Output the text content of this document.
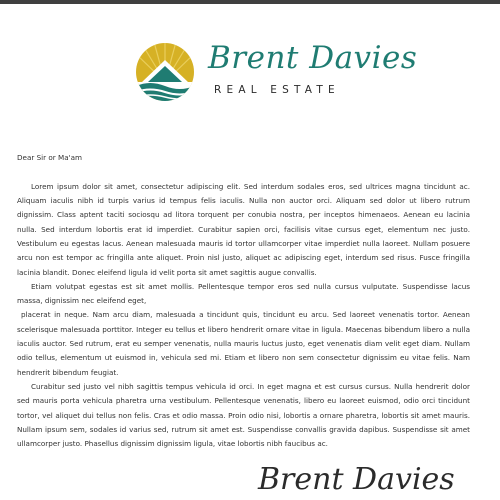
Brent Davies
REAL ESTATE

Dear Sir or Ma'am

Lorem ipsum dolor sit amet, consectetur adipiscing elit. Sed interdum sodales eros, sed ultrices magna tincidunt ac. Aliquam iaculis nibh id turpis varius id tempus felis iaculis. Nulla non auctor orci. Aliquam sed dolor ut libero rutrum dignissim. Class aptent taciti sociosqu ad litora torquent per conubia nostra, per inceptos himenaeos. Aenean eu lacinia nulla. Sed interdum lobortis erat id imperdiet. Curabitur sapien orci, facilisis vitae cursus eget, elementum nec justo. Vestibulum eu egestas lacus. Aenean malesuada mauris id tortor ullamcorper vitae imperdiet nulla laoreet. Nullam posuere arcu non est tempor ac fringilla ante aliquet. Proin nisl justo, aliquet ac adipiscing eget, interdum sed risus. Fusce fringilla lacinia blandit. Donec eleifend ligula id velit porta sit amet sagittis augue convallis.

Etiam volutpat egestas est sit amet mollis. Pellentesque tempor eros sed nulla cursus vulputate. Suspendisse lacus massa, dignissim nec eleifend eget,

placerat in neque. Nam arcu diam, malesuada a tincidunt quis, tincidunt eu arcu. Sed laoreet venenatis tortor. Aenean scelerisque malesuada porttitor. Integer eu tellus et libero hendrerit ornare vitae in ligula. Maecenas bibendum libero a nulla iaculis auctor. Sed rutrum, erat eu semper venenatis, nulla mauris luctus justo, eget venenatis diam velit eget diam. Nullam odio tellus, elementum ut euismod in, vehicula sed mi. Etiam et libero non sem consectetur dignissim eu vitae felis. Nam hendrerit bibendum feugiat.

Curabitur sed justo vel nibh sagittis tempus vehicula id orci. In eget magna et est cursus cursus. Nulla hendrerit dolor sed mauris porta vehicula pharetra urna vestibulum. Pellentesque venenatis, libero eu laoreet euismod, odio orci tincidunt tortor, vel aliquet dui tellus non felis. Cras et odio massa. Proin odio nisi, lobortis a ornare pharetra, lobortis sit amet mauris. Nullam ipsum sem, sodales id varius sed, rutrum sit amet est. Suspendisse convallis gravida dapibus. Suspendisse sit amet ullamcorper justo. Phasellus dignissim dignissim ligula, vitae lobortis nibh faucibus ac.

Brent Davies
